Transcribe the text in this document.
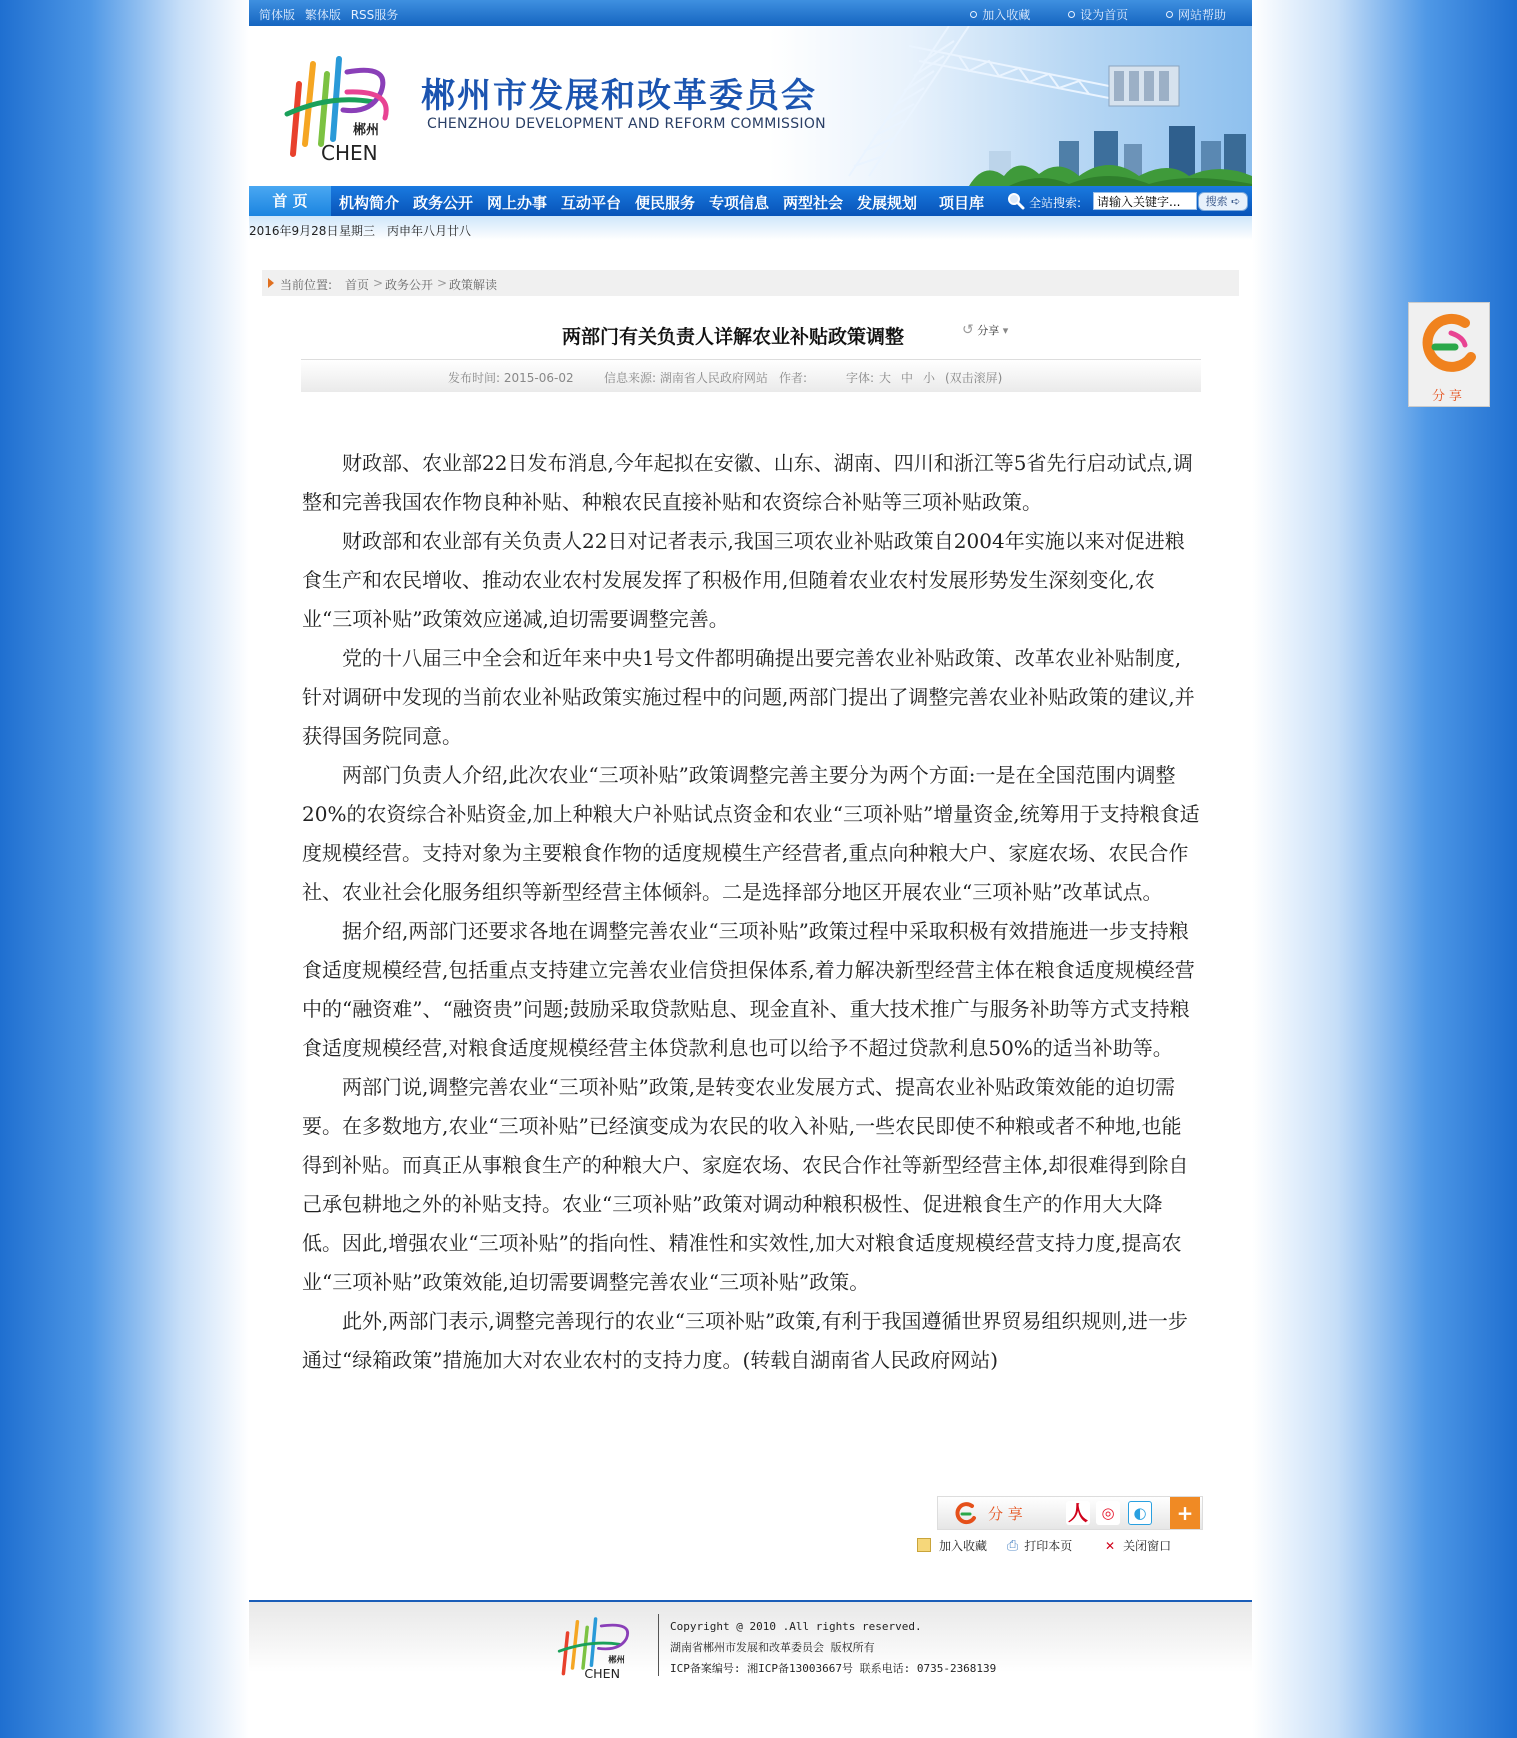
简体版 繁体版 RSS服务	加入收藏	设为首页	网站帮助
郴州
CHEN
郴州市发展和改革委员会
CHENZHOU DEVELOPMENT AND REFORM COMMISSION
首 页	机构简介 政务公开 网上办事 互动平台 便民服务 专项信息 两型社会 发展规划 项目库	全站搜索:
请输入关键字...	搜索 ➪
2016年9月28日 星期三 丙申年八月廿八
当前位置: 首页 > 政务公开 > 政策解读
两部门有关负责人详解农业补贴政策调整	↺ 分享 ▾
发布时间: 2015-06-02	信息来源: 湖南省人民政府网站 作者:	字体: 大 中 小 (双击滚屏)

财政部、农业部22日发布消息,今年起拟在安徽、山东、湖南、四川和浙江等5省先行启动试点,调整和完善我国农作物良种补贴、种粮农民直接补贴和农资综合补贴等三项补贴政策。

财政部和农业部有关负责人22日对记者表示,我国三项农业补贴政策自2004年实施以来对促进粮食生产和农民增收、推动农业农村发展发挥了积极作用,但随着农业农村发展形势发生深刻变化,农业“三项补贴”政策效应递减,迫切需要调整完善。

党的十八届三中全会和近年来中央1号文件都明确提出要完善农业补贴政策、改革农业补贴制度,针对调研中发现的当前农业补贴政策实施过程中的问题,两部门提出了调整完善农业补贴政策的建议,并获得国务院同意。

两部门负责人介绍,此次农业“三项补贴”政策调整完善主要分为两个方面:一是在全国范围内调整20%的农资综合补贴资金,加上种粮大户补贴试点资金和农业“三项补贴”增量资金,统筹用于支持粮食适度规模经营。支持对象为主要粮食作物的适度规模生产经营者,重点向种粮大户、家庭农场、农民合作社、农业社会化服务组织等新型经营主体倾斜。二是选择部分地区开展农业“三项补贴”改革试点。

据介绍,两部门还要求各地在调整完善农业“三项补贴”政策过程中采取积极有效措施进一步支持粮食适度规模经营,包括重点支持建立完善农业信贷担保体系,着力解决新型经营主体在粮食适度规模经营中的“融资难”、“融资贵”问题;鼓励采取贷款贴息、现金直补、重大技术推广与服务补助等方式支持粮食适度规模经营,对粮食适度规模经营主体贷款利息也可以给予不超过贷款利息50%的适当补助等。

两部门说,调整完善农业“三项补贴”政策,是转变农业发展方式、提高农业补贴政策效能的迫切需要。在多数地方,农业“三项补贴”已经演变成为农民的收入补贴,一些农民即使不种粮或者不种地,也能得到补贴。而真正从事粮食生产的种粮大户、家庭农场、农民合作社等新型经营主体,却很难得到除自己承包耕地之外的补贴支持。农业“三项补贴”政策对调动种粮积极性、促进粮食生产的作用大大降低。因此,增强农业“三项补贴”的指向性、精准性和实效性,加大对粮食适度规模经营支持力度,提高农业“三项补贴”政策效能,迫切需要调整完善农业“三项补贴”政策。

此外,两部门表示,调整完善现行的农业“三项补贴”政策,有利于我国遵循世界贸易组织规则,进一步通过“绿箱政策”措施加大对农业农村的支持力度。(转载自湖南省人民政府网站)

分 享 人 ◎	◐	+
加入收藏 ⎙ 打印本页	✕ 关闭窗口
郴州
CHEN
Copyright @ 2010 .All rights reserved.
湖南省郴州市发展和改革委员会 版权所有
ICP备案编号: 湘ICP备13003667号 联系电话: 0735-2368139
分享
